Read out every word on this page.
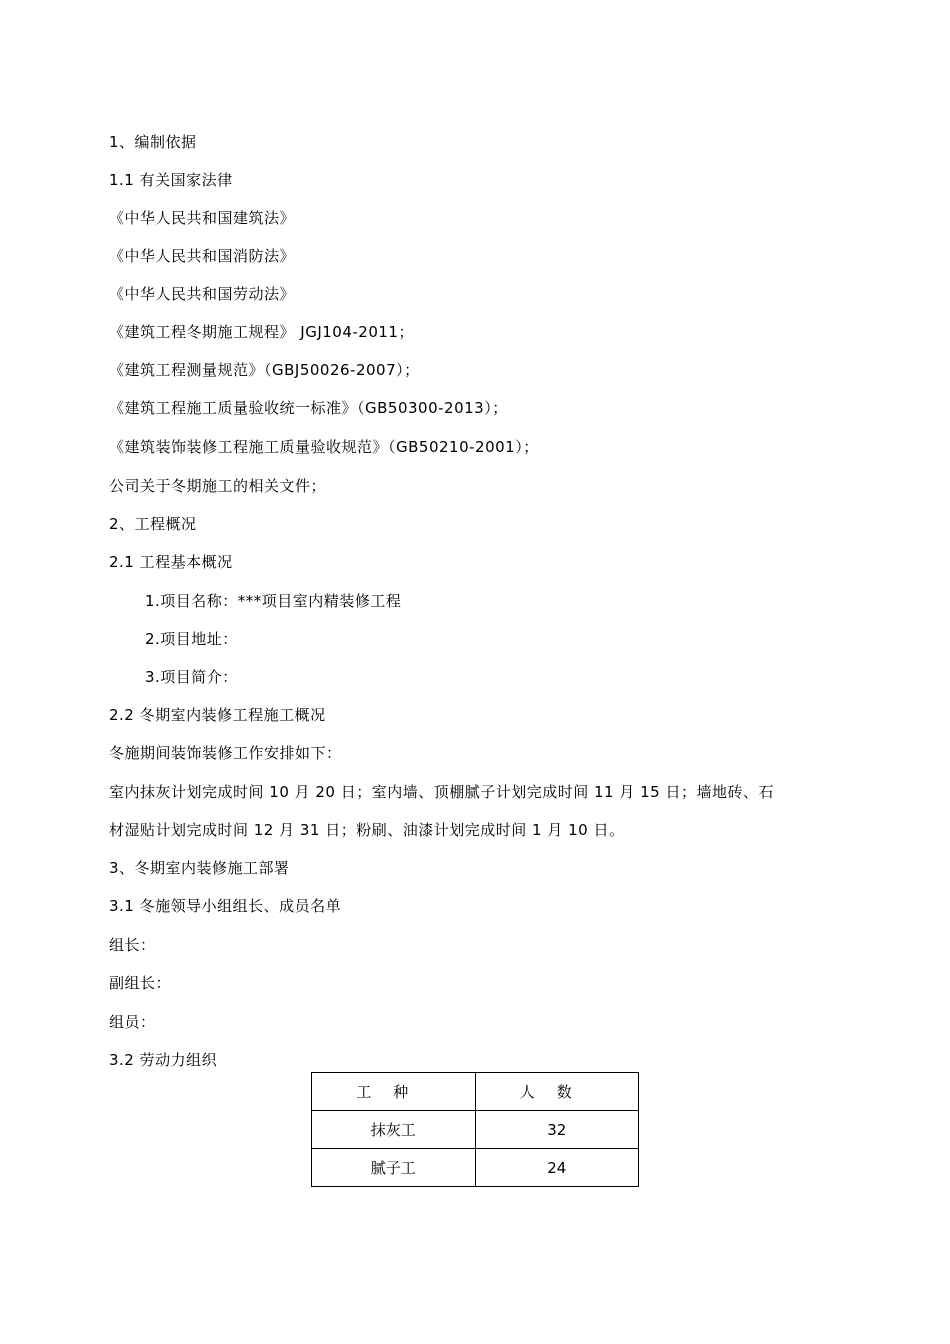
1、编制依据
1.1 有关国家法律
《中华人民共和国建筑法》
《中华人民共和国消防法》
《中华人民共和国劳动法》
《建筑工程冬期施工规程》 JGJ104-2011；
《建筑工程测量规范》（GBJ50026-2007）；
《建筑工程施工质量验收统一标准》（GB50300-2013）；
《建筑装饰装修工程施工质量验收规范》（GB50210-2001）；
公司关于冬期施工的相关文件；
2、工程概况
2.1 工程基本概况
1.项目名称：***项目室内精装修工程
2.项目地址：
3.项目简介：
2.2 冬期室内装修工程施工概况
冬施期间装饰装修工作安排如下：
室内抹灰计划完成时间 10 月 20 日；室内墙、顶棚腻子计划完成时间 11 月 15 日；墙地砖、石
材湿贴计划完成时间 12 月 31 日；粉刷、油漆计划完成时间 1 月 10 日。
3、冬期室内装修施工部署
3.1 冬施领导小组组长、成员名单
组长：
副组长：
组员：
3.2 劳动力组织
工种	人数
抹灰工	32
腻子工	24
